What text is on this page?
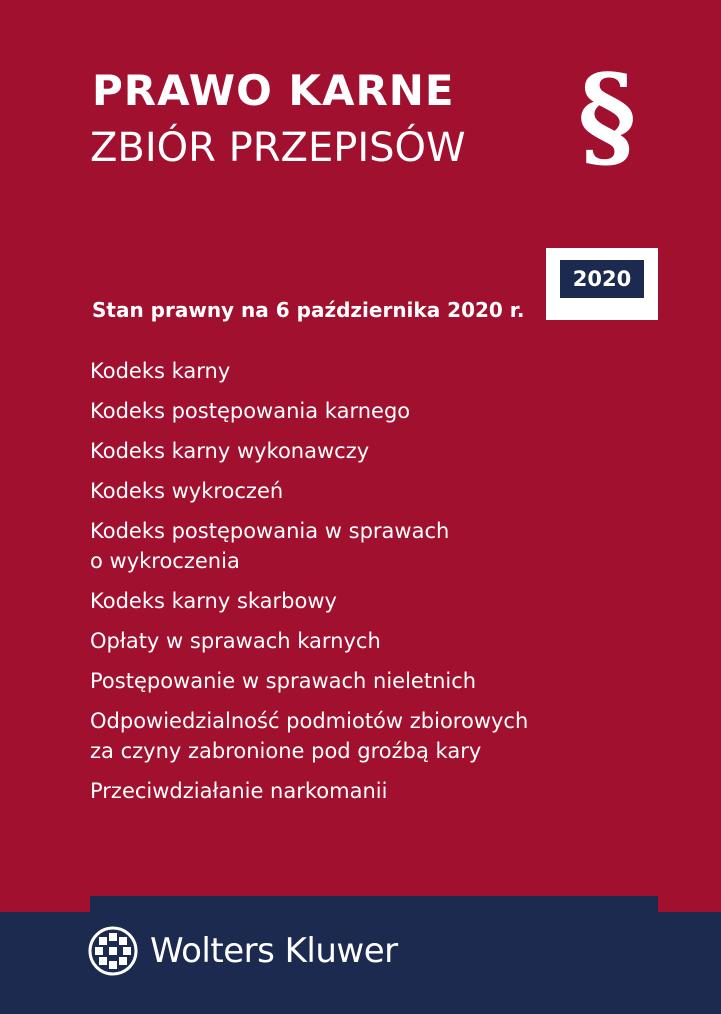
PRAWO KARNE
ZBIÓR PRZEPISÓW §
2020
Stan prawny na 6 października 2020 r.
Kodeks karny
Kodeks postępowania karnego
Kodeks karny wykonawczy
Kodeks wykroczeń
Kodeks postępowania w sprawach
o wykroczenia
Kodeks karny skarbowy
Opłaty w sprawach karnych
Postępowanie w sprawach nieletnich
Odpowiedzialność podmiotów zbiorowych
za czyny zabronione pod groźbą kary
Przeciwdziałanie narkomanii
Wolters Kluwer
